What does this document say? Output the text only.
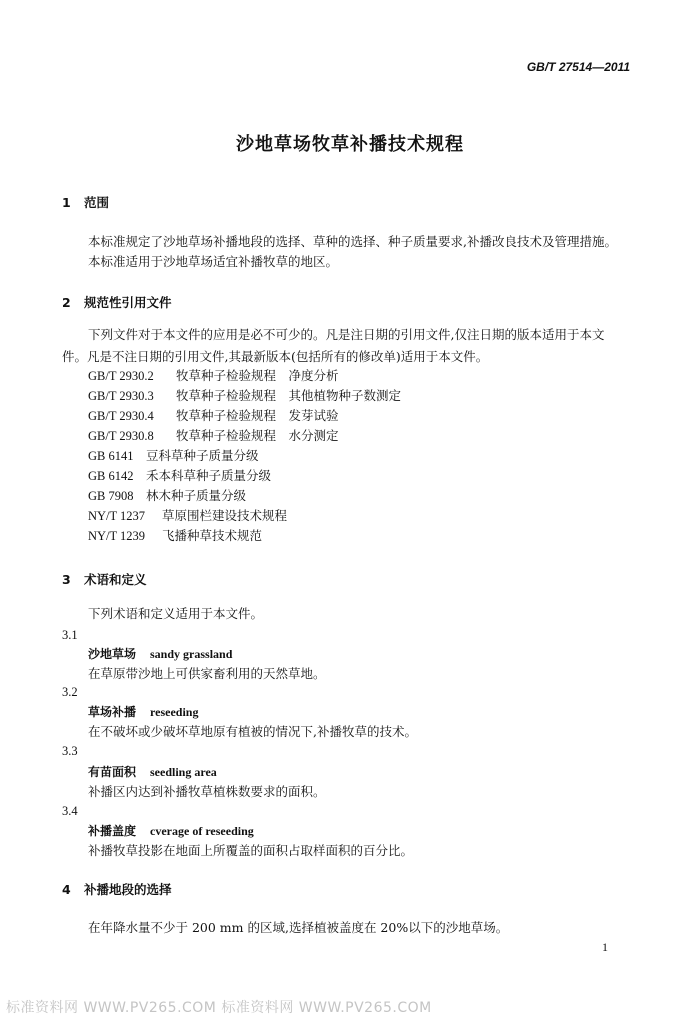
GB/T 27514—2011
沙地草场牧草补播技术规程
1 范围
本标准规定了沙地草场补播地段的选择、草种的选择、种子质量要求,补播改良技术及管理措施。
本标准适用于沙地草场适宜补播牧草的地区。
2 规范性引用文件
下列文件对于本文件的应用是必不可少的。凡是注日期的引用文件,仅注日期的版本适用于本文件。凡是不注日期的引用文件,其最新版本(包括所有的修改单)适用于本文件。
GB/T 2930.2 牧草种子检验规程　净度分析
GB/T 2930.3 牧草种子检验规程　其他植物种子数测定
GB/T 2930.4 牧草种子检验规程　发芽试验
GB/T 2930.8 牧草种子检验规程　水分测定
GB 6141 豆科草种子质量分级
GB 6142 禾本科草种子质量分级
GB 7908 林木种子质量分级
NY/T 1237 草原围栏建设技术规程
NY/T 1239 飞播种草技术规范
3 术语和定义
下列术语和定义适用于本文件。
3.1
沙地草场 sandy grassland
在草原带沙地上可供家畜利用的天然草地。
3.2
草场补播 reseeding
在不破坏或少破坏草地原有植被的情况下,补播牧草的技术。
3.3
有苗面积 seedling area
补播区内达到补播牧草植株数要求的面积。
3.4
补播盖度 cverage of reseeding
补播牧草投影在地面上所覆盖的面积占取样面积的百分比。
4 补播地段的选择
在年降水量不少于 200 mm 的区域,选择植被盖度在 20%以下的沙地草场。
1
标准资料网 WWW.PV265.COM 标准资料网 WWW.PV265.COM
